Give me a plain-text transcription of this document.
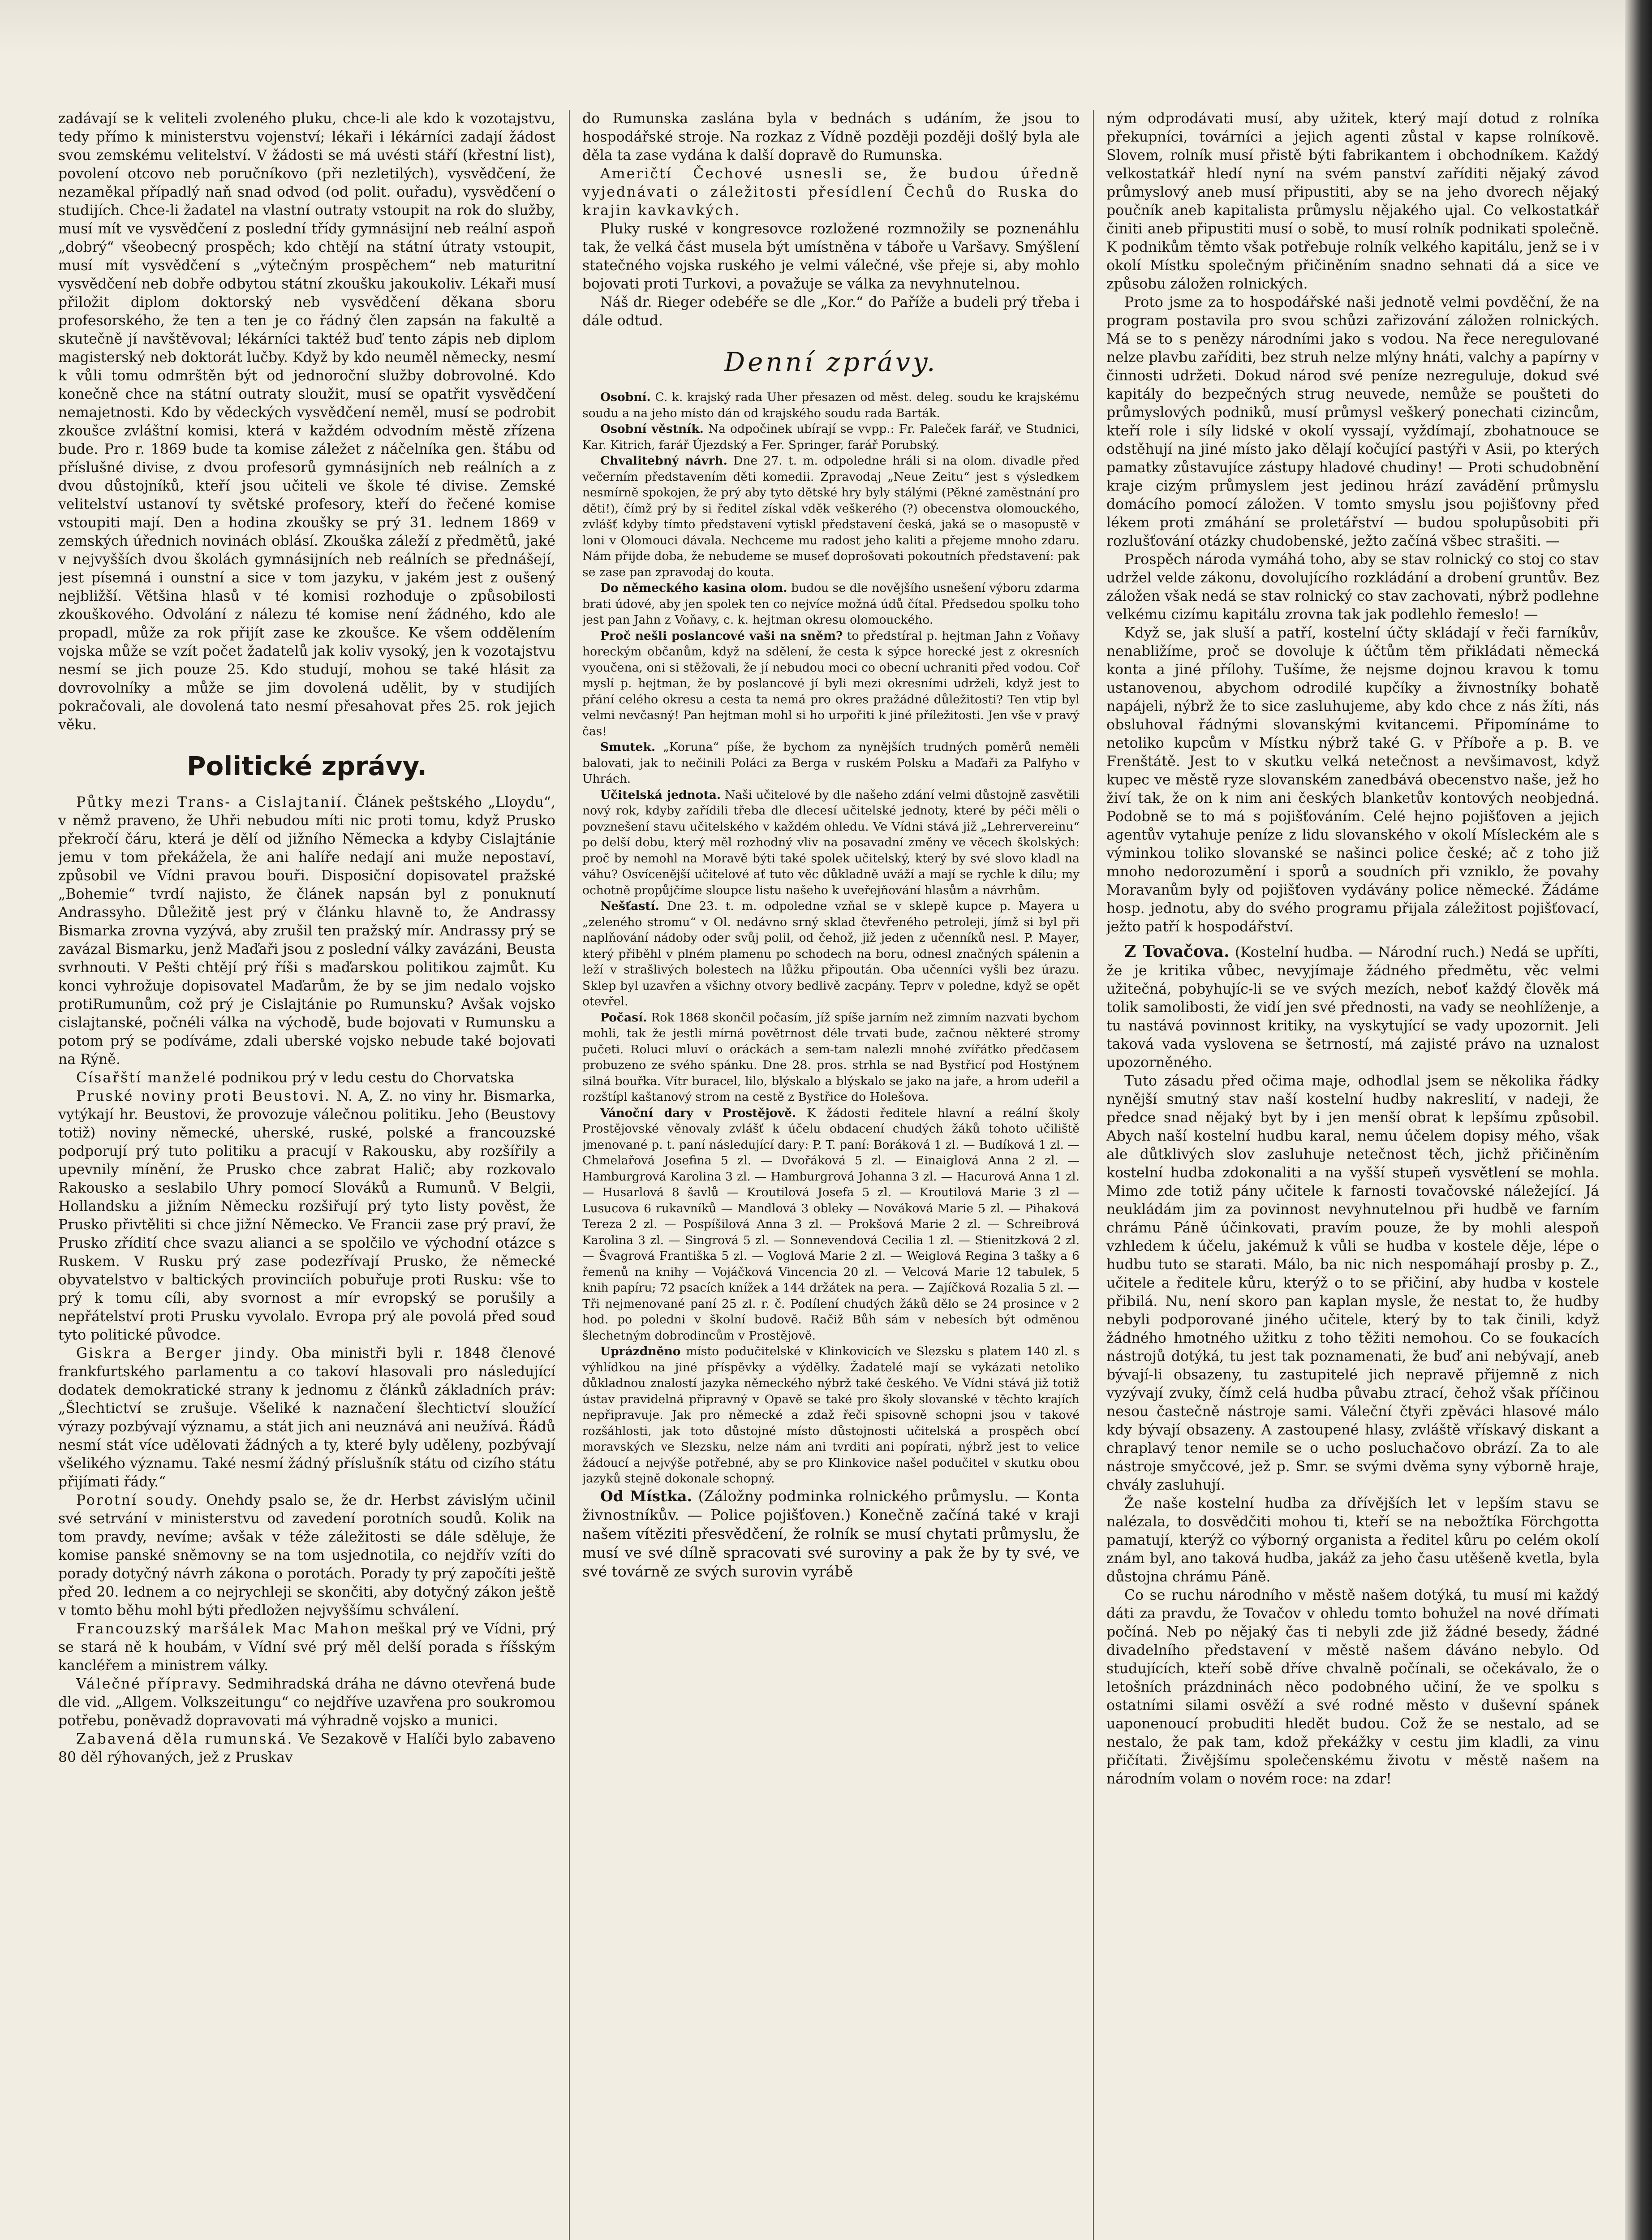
zadávají se k veliteli zvoleného pluku, chce-li ale kdo k vozotajstvu, tedy přímo k ministerstvu vojenství; lékaři i lékárníci zadají žádost svou zemskému velitelství. V žádosti se má uvésti stáří (křestní list), povolení otcovo neb poručníkovo (při nezletilých), vysvědčení, že nezaměkal případlý naň snad odvod (od polit. ouřadu), vysvědčení o studijích. Chce-li žadatel na vlastní outraty vstoupit na rok do služby, musí mít ve vysvědčení z poslední třídy gymnásijní neb reální aspoň „dobrý“ všeobecný prospěch; kdo chtějí na státní útraty vstoupit, musí mít vysvědčení s „výtečným prospěchem“ neb maturitní vysvědčení neb dobře odbytou státní zkoušku jakoukoliv. Lékaři musí přiložit diplom doktorský neb vysvědčení děkana sboru profesorského, že ten a ten je co řádný člen zapsán na fakultě a skutečně jí navštěvoval; lékárníci taktéž buď tento zápis neb diplom magisterský neb doktorát lučby. Když by kdo neuměl německy, nesmí k vůli tomu odmrštěn být od jednoroční služby dobrovolné. Kdo konečně chce na státní outraty sloužit, musí se opatřit vysvědčení nemajetnosti. Kdo by vědeckých vysvědčení neměl, musí se podrobit zkoušce zvláštní komisi, která v každém odvodním městě zřízena bude. Pro r. 1869 bude ta komise záležet z náčelníka gen. štábu od příslušné divise, z dvou profesorů gymnásijních neb reálních a z dvou důstojníků, kteří jsou učiteli ve škole té divise. Zemské velitelství ustanoví ty světské profesory, kteří do řečené komise vstoupiti mají. Den a hodina zkoušky se prý 31. lednem 1869 v zemských úřednich novinách oblásí. Zkouška záleží z předmětů, jaké v nejvyšších dvou školách gymnásijních neb reálních se přednášejí, jest písemná i ounstní a sice v tom jazyku, v jakém jest z oušený nejbližší. Většina hlasů v té komisi rozhoduje o způsobilosti zkouškového. Odvolání z nálezu té komise není žádného, kdo ale propadl, může za rok přijít zase ke zkoušce. Ke všem oddělením vojska může se vzít počet žadatelů jak koliv vysoký, jen k vozotajstvu nesmí se jich pouze 25. Kdo studují, mohou se také hlásit za dovrovolníky a může se jim dovolená udělit, by v studijích pokračovali, ale dovolená tato nesmí přesahovat přes 25. rok jejich věku.

Politické zprávy.

Půtky mezi Trans- a Cislajtanií. Článek peštského „Lloydu“, v němž praveno, že Uhři nebudou míti nic proti tomu, když Prusko překročí čáru, která je dělí od jižního Německa a kdyby Cislajtánie jemu v tom překážela, že ani halíře nedají ani muže nepostaví, způsobil ve Vídni pravou bouři. Disposiční dopisovatel pražské „Bohemie“ tvrdí najisto, že článek napsán byl z ponuknutí Andrassyho. Důležitě jest prý v článku hlavně to, že Andrassy Bismarka zrovna vyzývá, aby zrušil ten pražský mír. Andrassy prý se zavázal Bismarku, jenž Maďaři jsou z poslední války zavázáni, Beusta svrhnouti. V Pešti chtějí prý říši s maďarskou politikou zajmůt. Ku konci vyhrožuje dopisovatel Maďarům, že by se jim nedalo vojsko protiRumunům, což prý je Cislajtánie po Rumunsku? Avšak vojsko cislajtanské, počnéli válka na východě, bude bojovati v Rumunsku a potom prý se podíváme, zdali uberské vojsko nebude také bojovati na Rýně.

Císařští manželé podnikou prý v ledu cestu do Chorvatska

Pruské noviny proti Beustovi. N. A, Z. no viny hr. Bismarka, vytýkají hr. Beustovi, že provozuje válečnou politiku. Jeho (Beustovy totiž) noviny německé, uherské, ruské, polské a francouzské podporují prý tuto politiku a pracují v Rakousku, aby rozšířily a upevnily mínění, že Prusko chce zabrat Halič; aby rozkovalo Rakousko a seslabilo Uhry pomocí Slováků a Rumunů. V Belgii, Hollandsku a jižním Německu rozšiřují prý tyto listy pověst, že Prusko přivtěliti si chce jižní Německo. Ve Francii zase prý praví, že Prusko zřídití chce svazu alianci a se spolčilo ve východní otázce s Ruskem. V Rusku prý zase podezřívají Prusko, že německé obyvatelstvo v baltických provinciích pobuřuje proti Rusku: vše to prý k tomu cíli, aby svornost a mír evropský se porušily a nepřátelství proti Prusku vyvolalo. Evropa prý ale povolá před soud tyto politické původce.

Giskra a Berger jindy. Oba ministři byli r. 1848 členové frankfurtského parlamentu a co takoví hlasovali pro následující dodatek demokratické strany k jednomu z článků základních práv: „Šlechtictví se zrušuje. Všeliké k naznačení šlechtictví sloužící výrazy pozbývají významu, a stát jich ani neuznává ani neužívá. Řádů nesmí stát více udělovati žádných a ty, které byly uděleny, pozbývají všelikého významu. Také nesmí žádný příslušník státu od cizího státu přijímati řády.“

Porotní soudy. Onehdy psalo se, že dr. Herbst závislým učinil své setrvání v ministerstvu od zavedení porotních soudů. Kolik na tom pravdy, nevíme; avšak v téže záležitosti se dále sděluje, že komise panské sněmovny se na tom usjednotila, co nejdřív vzíti do porady dotyčný návrh zákona o porotách. Porady ty prý započíti ještě před 20. lednem a co nejrychleji se skončiti, aby dotyčný zákon ještě v tomto běhu mohl býti předložen nejvyššímu schválení.

Francouzský maršálek Mac Mahon meškal prý ve Vídni, prý se stará ně k houbám, v Vídní své prý měl delší porada s říšským kancléřem a ministrem války.

Válečné přípravy. Sedmihradská dráha ne dávno otevřená bude dle vid. „Allgem. Volkszeitungu“ co nejdříve uzavřena pro soukromou potřebu, poněvadž dopravovati má výhradně vojsko a munici.

Zabavená děla rumunská. Ve Sezakově v Halíči bylo zabaveno 80 děl rýhovaných, jež z Pruskav

do Rumunska zaslána byla v bednách s udáním, že jsou to hospodářské stroje. Na rozkaz z Vídně později později došlý byla ale děla ta zase vydána k další dopravě do Rumunska.

Američtí Čechové usnesli se, že budou úředně vyjednávati o záležitosti přesídlení Čechů do Ruska do krajin kavkavkých.

Pluky ruské v kongresovce rozložené rozmnožily se poznenáhlu tak, že velká část musela být umístněna v táboře u Varšavy. Smýšlení statečného vojska ruského je velmi válečné, vše přeje si, aby mohlo bojovati proti Turkovi, a považuje se válka za nevyhnutelnou.

Náš dr. Rieger odebéře se dle „Kor.“ do Paříže a budeli prý třeba i dále odtud.

Denní zprávy.

Osobní. C. k. krajský rada Uher přesazen od měst. deleg. soudu ke krajskému soudu a na jeho místo dán od krajského soudu rada Barták.

Osobní věstník. Na odpočinek ubírají se vvpp.: Fr. Paleček farář, ve Studnici, Kar. Kitrich, farář Újezdský a Fer. Springer, farář Porubský.

Chvalitebný návrh. Dne 27. t. m. odpoledne hráli si na olom. divadle před večerním představením děti komedii. Zpravodaj „Neue Zeitu“ jest s výsledkem nesmírně spokojen, že prý aby tyto dětské hry byly stálými (Pěkné zaměstnání pro děti!), čímž prý by si ředitel získal vděk veškerého (?) obecenstva olomouckého, zvlášť kdyby tímto představení vytiskl představení česká, jaká se o masopustě v loni v Olomouci dávala. Nechceme mu radost jeho kaliti a přejeme mnoho zdaru. Nám přijde doba, že nebudeme se museť doprošovati pokoutních představení: pak se zase pan zpravodaj do kouta.

Do německého kasina olom. budou se dle novějšího usnešení výboru zdarma brati údové, aby jen spolek ten co nejvíce možná údů čítal. Předsedou spolku toho jest pan Jahn z Voňavy, c. k. hejtman okresu olomouckého.

Proč nešli poslancové vaši na sněm? to předstíral p. hejtman Jahn z Voňavy horeckým občanům, když na sdělení, že cesta k sýpce horecké jest z okresních vyoučena, oni si stěžovali, že jí nebudou moci co obecní uchraniti před vodou. Coř myslí p. hejtman, že by poslancové jí byli mezi okresními udrželi, když jest to přání celého okresu a cesta ta nemá pro okres pražádné důležitosti? Ten vtip byl velmi nevčasný! Pan hejtman mohl si ho urpořiti k jiné příležitosti. Jen vše v pravý čas!

Smutek. „Koruna“ píše, že bychom za nynějších trudných poměrů neměli balovati, jak to nečinili Poláci za Berga v ruském Polsku a Maďaři za Palfyho v Uhrách.

Učitelská jednota. Naši učitelové by dle našeho zdání velmi důstojně zasvětili nový rok, kdyby zařídili třeba dle dlecesí učitelské jednoty, které by péči měli o povznešení stavu učitelského v každém ohledu. Ve Vídni stává již „Lehrervereinu“ po delší dobu, který měl rozhodný vliv na posavadní změny ve věcech školských: proč by nemohl na Moravě býti také spolek učitelský, který by své slovo kladl na váhu? Osvícenější učitelové ať tuto věc důkladně uváží a mají se rychle k dílu; my ochotně propůjčíme sloupce listu našeho k uveřejňování hlasům a návrhům.

Nešťastí. Dne 23. t. m. odpoledne vzňal se v sklepě kupce p. Mayera u „zeleného stromu“ v Ol. nedávno srný sklad čtevřeného petroleji, jímž si byl při naplňování nádoby oder svůj polil, od čehož, již jeden z učenníků nesl. P. Mayer, který přiběhl v plném plamenu po schodech na boru, odnesl značných spálenin a leží v strašlivých bolestech na lůžku připoután. Oba učenníci vyšli bez úrazu. Sklep byl uzavřen a všichny otvory bedlivě zacpány. Teprv v poledne, když se opět otevřel.

Počasí. Rok 1868 skončil počasím, jíž spíše jarním než zimním nazvati bychom mohli, tak že jestli mírná povětrnost déle trvati bude, začnou některé stromy pučeti. Roluci mluví o oráckách a sem-tam nalezli mnohé zvířátko předčasem probuzeno ze svého spánku. Dne 28. pros. strhla se nad Bystřicí pod Hostýnem silná bouřka. Vítr buracel, lilo, blýskalo a blýskalo se jako na jaře, a hrom udeřil a rozštípl kaštanový strom na cestě z Bystřice do Holešova.

Vánoční dary v Prostějově. K žádosti ředitele hlavní a reální školy Prostějovské věnovaly zvlášť k účelu obdacení chudých žáků tohoto učiliště jmenované p. t. paní následující dary: P. T. paní: Boráková 1 zl. — Budíková 1 zl. — Chmelařová Josefina 5 zl. — Dvořáková 5 zl. — Einaiglová Anna 2 zl. — Hamburgrová Karolina 3 zl. — Hamburgrová Johanna 3 zl. — Hacurová Anna 1 zl. — Husarlová 8 šavlů — Kroutilová Josefa 5 zl. — Kroutilová Marie 3 zl — Lusucova 6 rukavníků — Mandlová 3 obleky — Nováková Marie 5 zl. — Pihaková Tereza 2 zl. — Pospíšilová Anna 3 zl. — Prokšová Marie 2 zl. — Schreibrová Karolina 3 zl. — Singrová 5 zl. — Sonnevendová Cecilia 1 zl. — Stienitzková 2 zl. — Švagrová Františka 5 zl. — Voglová Marie 2 zl. — Weiglová Regina 3 tašky a 6 řemenů na knihy — Vojáčková Vincencia 20 zl. — Velcová Marie 12 tabulek, 5 knih papíru; 72 psacích knížek a 144 držátek na pera. — Zajíčková Rozalia 5 zl. — Tři nejmenované paní 25 zl. r. č. Podílení chudých žáků dělo se 24 prosince v 2 hod. po poledni v školní budově. Račiž Bůh sám v nebesích být odměnou šlechetným dobrodincům v Prostějově.

Uprázdněno místo podučitelské v Klinkovicích ve Slezsku s platem 140 zl. s výhlídkou na jiné příspěvky a výdělky. Žadatelé mají se vykázati netoliko důkladnou znalostí jazyka německého nýbrž také českého. Ve Vídni stává již totiž ústav pravidelná připravný v Opavě se také pro školy slovanské v těchto krajích nepřipravuje. Jak pro německé a zdaž řeči spisovně schopni jsou v takové rozšáhlosti, jak toto důstojné místo důstojnosti učitelská a prospěch obcí moravských ve Slezsku, nelze nám ani tvrditi ani popírati, nýbrž jest to velice žádoucí a nejvýše potřebné, aby se pro Klinkovice našel podučitel v skutku obou jazyků stejně dokonale schopný.

Od Místka. (Záložny podminka rolnického průmyslu. — Konta živnostníkův. — Police pojišťoven.) Konečně začíná také v kraji našem vítěziti přesvědčení, že rolník se musí chytati průmyslu, že musí ve své dílně spracovati své suroviny a pak že by ty své, ve své továrně ze svých surovin vyrábě

ným odprodávati musí, aby užitek, který mají dotud z rolníka překupníci, továrníci a jejich agenti zůstal v kapse rolníkově. Slovem, rolník musí přistě býti fabrikantem i obchodníkem. Každý velkostatkář hledí nyní na svém panství zaříditi nějaký závod průmyslový aneb musí připustiti, aby se na jeho dvorech nějaký poučník aneb kapitalista průmyslu nějakého ujal. Co velkostatkář činiti aneb připustiti musí o sobě, to musí rolník podnikati společně. K podnikům těmto však potřebuje rolník velkého kapitálu, jenž se i v okolí Místku společným přičiněním snadno sehnati dá a sice ve způsobu záložen rolnických.

Proto jsme za to hospodářské naši jednotě velmi povděční, že na program postavila pro svou schůzi zařizování záložen rolnických. Má se to s penězy národními jako s vodou. Na řece neregulované nelze plavbu zaříditi, bez struh nelze mlýny hnáti, valchy a papírny v činnosti udržeti. Dokud národ své peníze nezreguluje, dokud své kapitály do bezpečných strug neuvede, nemůže se poušteti do průmyslových podniků, musí průmysl veškerý ponechati cizincům, kteří role i síly lidské v okolí vyssají, vyždímají, zbohatnouce se odstěhují na jiné místo jako dělají kočující pastýři v Asii, po kterých pamatky zůstavujíce zástupy hladové chudiny! — Proti schudobnění kraje cizým průmyslem jest jedinou hrází zavádění průmyslu domácího pomocí záložen. V tomto smyslu jsou pojišťovny před lékem proti zmáhání se proletářství — budou spolupůsobiti při rozlušťování otázky chudobenské, ježto začíná všbec strašiti. —

Prospěch národa vymáhá toho, aby se stav rolnický co stoj co stav udržel velde zákonu, dovolujícího rozkládání a drobení gruntův. Bez záložen však nedá se stav rolnický co stav zachovati, nýbrž podlehne velkému cizímu kapitálu zrovna tak jak podlehlo řemeslo! —

Když se, jak sluší a patří, kostelní účty skládají v řeči farníkův, nenabližíme, proč se dovoluje k účtům těm přikládati německá konta a jiné přílohy. Tušíme, že nejsme dojnou kravou k tomu ustanovenou, abychom odrodilé kupčíky a živnostníky bohatě napájeli, nýbrž že to sice zasluhujeme, aby kdo chce z nás žíti, nás obsluhoval řádnými slovanskými kvitancemi. Připomínáme to netoliko kupcům v Místku nýbrž také G. v Příboře a p. B. ve Frenštátě. Jest to v skutku velká netečnost a nevšimavost, když kupec ve městě ryze slovanském zanedbává obecenstvo naše, jež ho živí tak, že on k nim ani českých blanketův kontových neobjedná. Podobně se to má s pojišťováním. Celé hejno pojišťoven a jejich agentův vytahuje peníze z lidu slovanského v okolí Mísleckém ale s výminkou toliko slovanské se našinci police české; ač z toho již mnoho nedorozumění i sporů a soudních při vzniklo, že povahy Moravanům byly od pojišťoven vydávány police německé. Žádáme hosp. jednotu, aby do svého programu přijala záležitost pojišťovací, ježto patří k hospodářství.

Z Tovačova. (Kostelní hudba. — Národní ruch.) Nedá se upříti, že je kritika vůbec, nevyjímaje žádného předmětu, věc velmi užitečná, pobyhujíc-li se ve svých mezích, neboť každý člověk má tolik samolibosti, že vidí jen své přednosti, na vady se neohlíženje, a tu nastává povinnost kritiky, na vyskytující se vady upozornit. Jeli taková vada vyslovena se šetrností, má zajisté právo na uznalost upozorněného.

Tuto zásadu před očima maje, odhodlal jsem se několika řádky nynější smutný stav naší kostelní hudby nakreslití, v nadeji, že předce snad nějaký byt by i jen menší obrat k lepšímu způsobil. Abych naší kostelní hudbu karal, nemu účelem dopisy mého, však ale důtklivých slov zasluhuje netečnost těch, jichž přičiněním kostelní hudba zdokonaliti a na vyšší stupeň vysvětlení se mohla. Mimo zde totiž pány učitele k farnosti tovačovské náležející. Já neukládám jim za povinnost nevyhnutelnou při hudbě ve farním chrámu Páně účinkovati, pravím pouze, že by mohli alespoň vzhledem k účelu, jakémuž k vůli se hudba v kostele děje, lépe o hudbu tuto se starati. Málo, ba nic nich nespomáhají prosby p. Z., učitele a ředitele kůru, kterýž o to se přičiní, aby hudba v kostele přibilá. Nu, není skoro pan kaplan mysle, že nestat to, že hudby nebyli podporované jiného učitele, který by to tak činili, když žádného hmotného užitku z toho těžiti nemohou. Co se foukacích nástrojů dotýká, tu jest tak poznamenati, že buď ani nebývají, aneb bývají-li obsazeny, tu zastupitelé jich nepravě přijemně z nich vyzývají zvuky, čímž celá hudba půvabu ztrací, čehož však příčinou nesou častečně nástroje sami. Váleční čtyři zpěváci hlasové málo kdy bývají obsazeny. A zastoupené hlasy, zvláště vřískavý diskant a chraplavý tenor nemile se o ucho posluchačovo obrází. Za to ale nástroje smyčcové, jež p. Smr. se svými dvěma syny výborně hraje, chvály zasluhují.

Že naše kostelní hudba za dřívějších let v lepším stavu se nalézala, to dosvědčiti mohou ti, kteří se na nebožtíka Förchgotta pamatují, kterýž co výborný organista a ředitel kůru po celém okolí znám byl, ano taková hudba, jakáž za jeho času utěšeně kvetla, byla důstojna chrámu Páně.

Co se ruchu národního v městě našem dotýká, tu musí mi každý dáti za pravdu, že Tovačov v ohledu tomto bohužel na nové dřímati počíná. Neb po nějaký čas ti nebyli zde již žádné besedy, žádné divadelního představení v městě našem dáváno nebylo. Od studujících, kteří sobě dříve chvalně počínali, se očekávalo, že o letošních prázdninách něco podobného učiní, že ve spolku s ostatními silami osvěží a své rodné město v duševní spánek uaponenoucí probuditi hledět budou. Což že se nestalo, ad se nestalo, že pak tam, kdož překážky v cestu jim kladli, za vinu přičítati. Živějšímu společenskému životu v městě našem na národním volam o novém roce: na zdar!
